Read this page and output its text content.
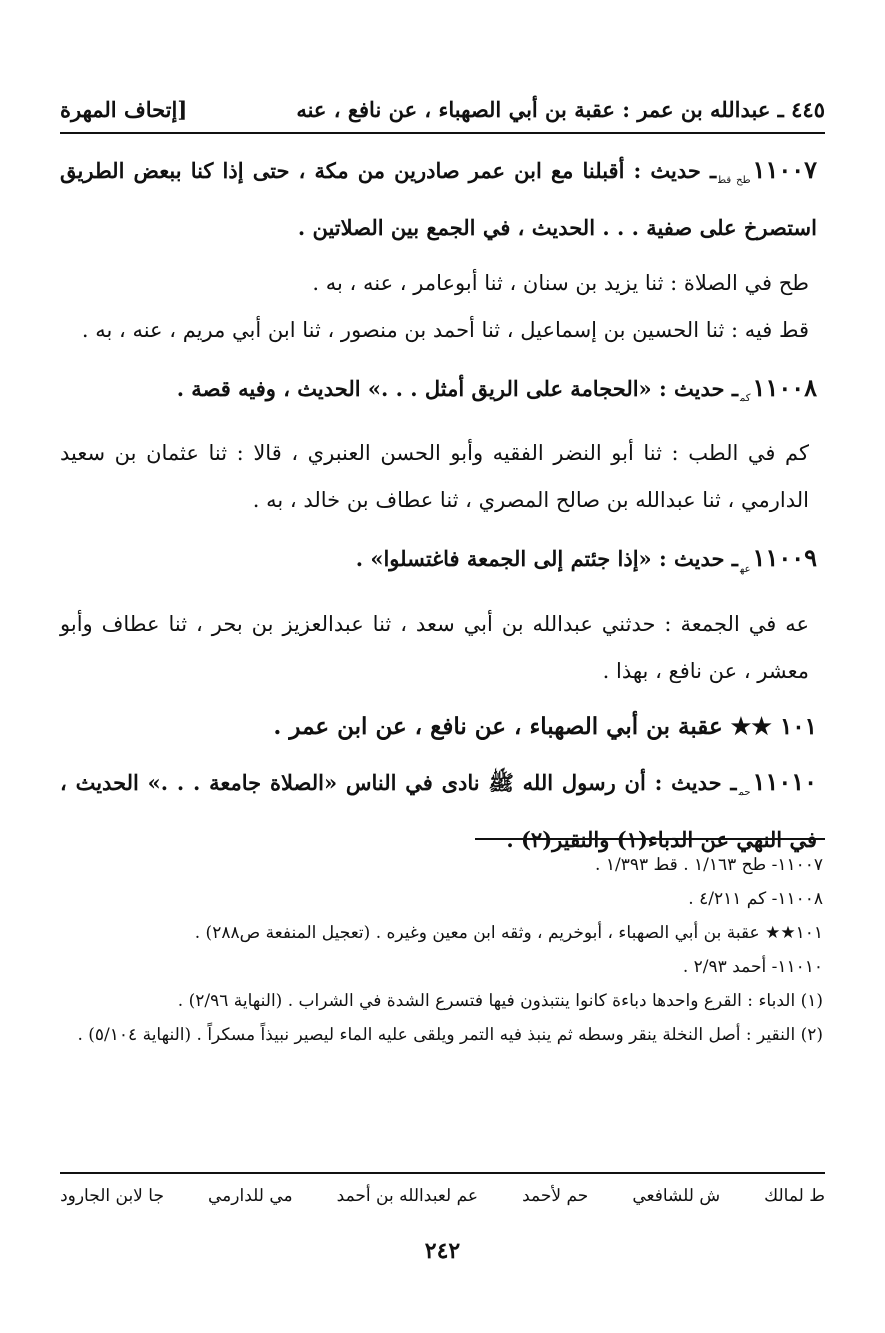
٤٤٥ ـ عبدالله بن عمر : عقبة بن أبي الصهباء ، عن نافع ، عنه
[إتحاف المهرة
$١١٠٠٧_{طح قط}ـ$ حديث : أقبلنا مع ابن عمر صادرين من مكة ، حتى إذا كنا ببعض الطريق استصرخ على صفية . . . الحديث ، في الجمع بين الصلاتين .

طح في الصلاة : ثنا يزيد بن سنان ، ثنا أبوعامر ، عنه ، به .

قط فيه : ثنا الحسين بن إسماعيل ، ثنا أحمد بن منصور ، ثنا ابن أبي مريم ، عنه ، به .

$١١٠٠٨_{كم}ـ$ حديث : «الحجامة على الريق أمثل . . .» الحديث ، وفيه قصة .

كم في الطب : ثنا أبو النضر الفقيه وأبو الحسن العنبري ، قالا : ثنا عثمان بن سعيد الدارمي ، ثنا عبدالله بن صالح المصري ، ثنا عطاف بن خالد ، به .

$١١٠٠٩_{عه}ـ$ حديث : «إذا جئتم إلى الجمعة فاغتسلوا» .

عه في الجمعة : حدثني عبدالله بن أبي سعد ، ثنا عبدالعزيز بن بحر ، ثنا عطاف وأبو معشر ، عن نافع ، بهذا .

١٠١ ★★ عقبة بن أبي الصهباء ، عن نافع ، عن ابن عمر .
$١١٠١٠_{حم}ـ$ حديث : أن رسول الله ﷺ نادى في الناس «الصلاة جامعة . . .» الحديث ، في النهي عن الدباء(١) والنقير(٢) .

١١٠٠٧- طح ١/١٦٣ . قط ١/٣٩٣ .

١١٠٠٨- كم ٤/٢١١ .

١٠١★★ عقبة بن أبي الصهباء ، أبوخريم ، وثقه ابن معين وغيره . (تعجيل المنفعة ص٢٨٨) .

١١٠١٠- أحمد ٢/٩٣ .

(١) الدباء : القرع واحدها دباءة كانوا ينتبذون فيها فتسرع الشدة في الشراب . (النهاية ٢/٩٦) .

(٢) النقير : أصل النخلة ينقر وسطه ثم ينبذ فيه التمر ويلقى عليه الماء ليصير نبيذاً مسكراً . (النهاية ٥/١٠٤) .

ط لمالك
ش للشافعي
حم لأحمد
عم لعبدالله بن أحمد
مي للدارمي
جا لابن الجارود
٢٤٢
